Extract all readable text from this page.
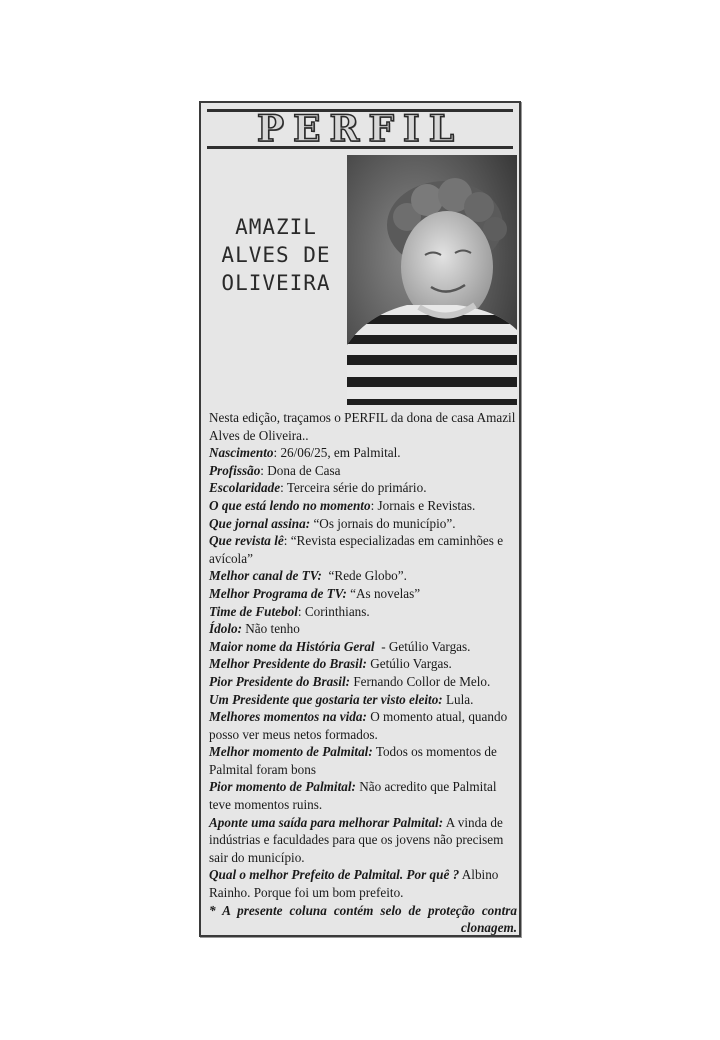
PERFIL
AMAZIL
ALVES DE
OLIVEIRA

Nesta edição, traçamos o PERFIL da dona de casa Amazil Alves de Oliveira..

Nascimento: 26/06/25, em Palmital.

Profissão: Dona de Casa

Escolaridade: Terceira série do primário.

O que está lendo no momento: Jornais e Revistas.

Que jornal assina: “Os jornais do município”.

Que revista lê: “Revista especializadas em caminhões e avícola”

Melhor canal de TV: “Rede Globo”.

Melhor Programa de TV: “As novelas”

Time de Futebol: Corinthians.

Ídolo: Não tenho

Maior nome da História Geral  - Getúlio Vargas.

Melhor Presidente do Brasil: Getúlio Vargas.

Pior Presidente do Brasil: Fernando Collor de Melo.

Um Presidente que gostaria ter visto eleito: Lula.

Melhores momentos na vida: O momento atual, quando posso ver meus netos formados.

Melhor momento de Palmital: Todos os momentos de Palmital foram bons

Pior momento de Palmital: Não acredito que Palmital teve momentos ruins.

Aponte uma saída para melhorar Palmital: A vinda de indústrias e faculdades para que os jovens não precisem sair do município.

Qual o melhor Prefeito de Palmital. Por quê ? Albino Rainho. Porque foi um bom prefeito.

* A presente coluna contém selo de proteção contra clonagem.
